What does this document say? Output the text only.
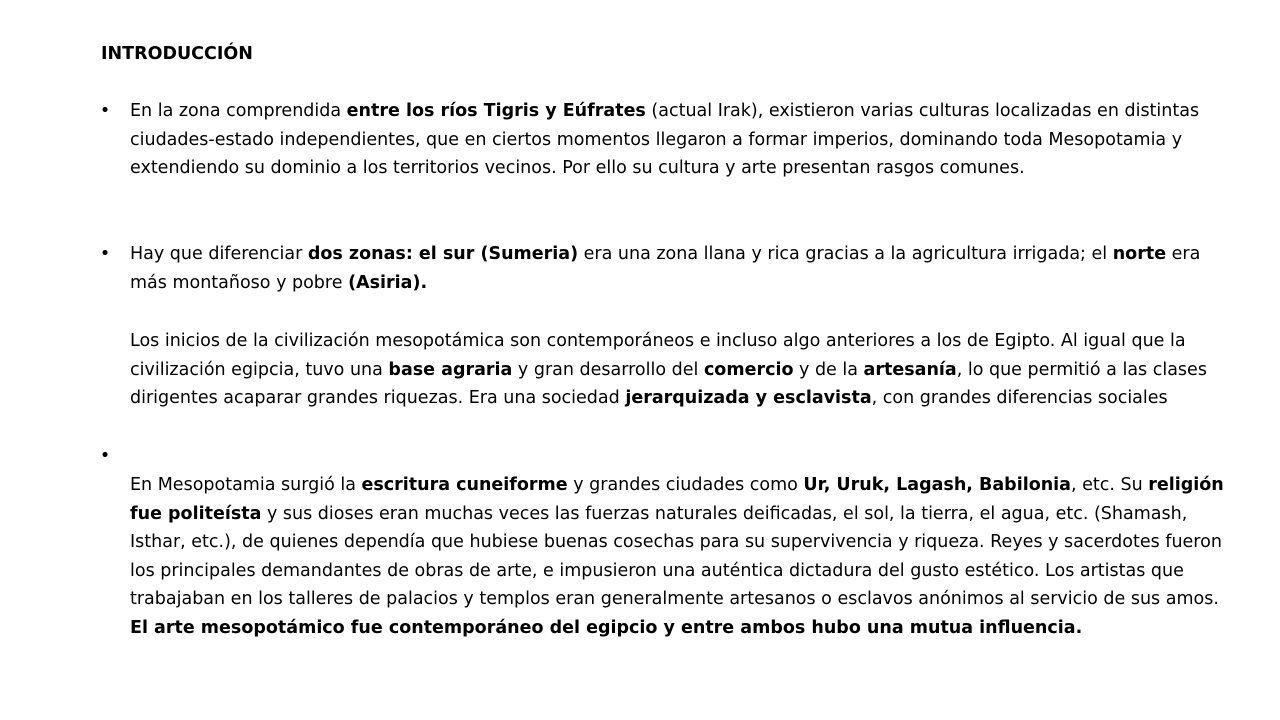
INTRODUCCIÓN
• En la zona comprendida entre los ríos Tigris y Eúfrates (actual Irak), existieron varias culturas localizadas en distintas ciudades-estado independientes, que en ciertos momentos llegaron a formar imperios, dominando toda Mesopotamia y extendiendo su dominio a los territorios vecinos. Por ello su cultura y arte presentan rasgos comunes.

• Hay que diferenciar dos zonas: el sur (Sumeria) era una zona llana y rica gracias a la agricultura irrigada; el norte era más montañoso y pobre (Asiria).

Los inicios de la civilización mesopotámica son contemporáneos e incluso algo anteriores a los de Egipto. Al igual que la civilización egipcia, tuvo una base agraria y gran desarrollo del comercio y de la artesanía, lo que permitió a las clases dirigentes acaparar grandes riquezas. Era una sociedad jerarquizada y esclavista, con grandes diferencias sociales

•

En Mesopotamia surgió la escritura cuneiforme y grandes ciudades como Ur, Uruk, Lagash, Babilonia, etc. Su religión fue politeísta y sus dioses eran muchas veces las fuerzas naturales deificadas, el sol, la tierra, el agua, etc. (Shamash, Isthar, etc.), de quienes dependía que hubiese buenas cosechas para su supervivencia y riqueza. Reyes y sacerdotes fueron los principales demandantes de obras de arte, e impusieron una auténtica dictadura del gusto estético. Los artistas que trabajaban en los talleres de palacios y templos eran generalmente artesanos o esclavos anónimos al servicio de sus amos. El arte mesopotámico fue contemporáneo del egipcio y entre ambos hubo una mutua influencia.
